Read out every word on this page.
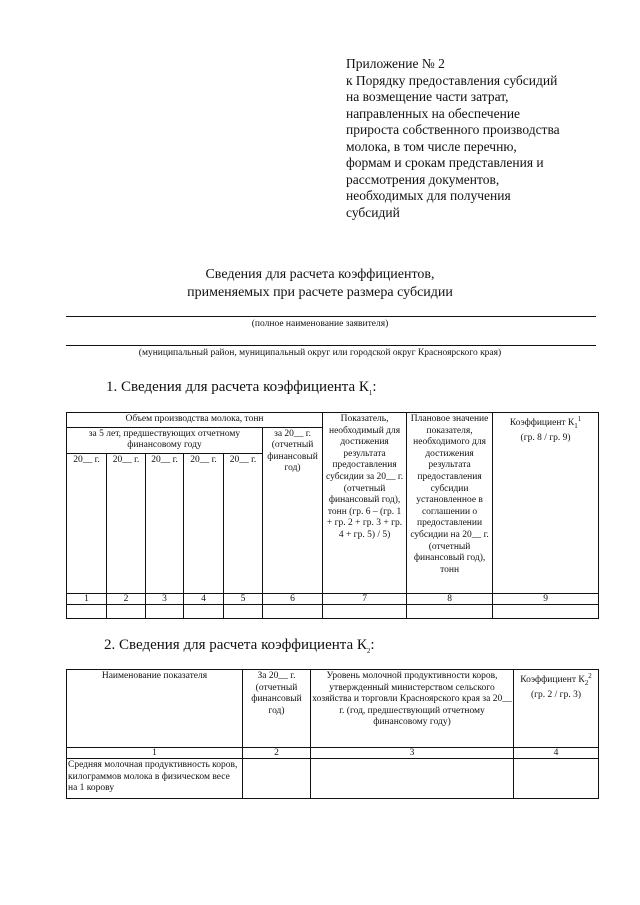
Приложение № 2
к Порядку предоставления субсидий
на возмещение части затрат,
направленных на обеспечение
прироста собственного производства
молока, в том числе перечню,
формам и срокам представления и
рассмотрения документов,
необходимых для получения
субсидий
Сведения для расчета коэффициентов,
применяемых при расчете размера субсидии
(полное наименование заявителя)
(муниципальный район, муниципальный округ или городской округ Красноярского края)
1. Сведения для расчета коэффициента $К_1$:
Объем производства молока, тонн						Показатель, необходимый для достижения результата предоставления субсидии за 20__ г. (отчетный финансовый год), тонн (гр. 6 – (гр. 1 + гр. 2 + гр. 3 + гр. 4 + гр. 5) / 5)	Плановое значение показателя, необходимого для достижения результата предоставления субсидии установленное в соглашении о предоставлении субсидии на 20__ г. (отчетный финансовый год), тонн	Коэффициент $К_1^1$
(гр. 8 / гр. 9)
за 5 лет, предшествующих отчетному финансовому году					за 20__ г. (отчетный финансовый год)			
20__ г.	20__ г.	20__ г.	20__ г.	20__ г.				
1	2	3	4	5	6	7	8	9

2. Сведения для расчета коэффициента $К_2$:
Наименование показателя	За 20__ г. (отчетный финансовый год)	Уровень молочной продуктивности коров, утвержденный министерством сельского хозяйства и торговли Красноярского края за 20__ г. (год, предшествующий отчетному финансовому году)	Коэффициент $К_2^2$
(гр. 2 / гр. 3)
1	2	3	4
Средняя молочная продуктивность коров, килограммов молока в физическом весе на 1 корову			
